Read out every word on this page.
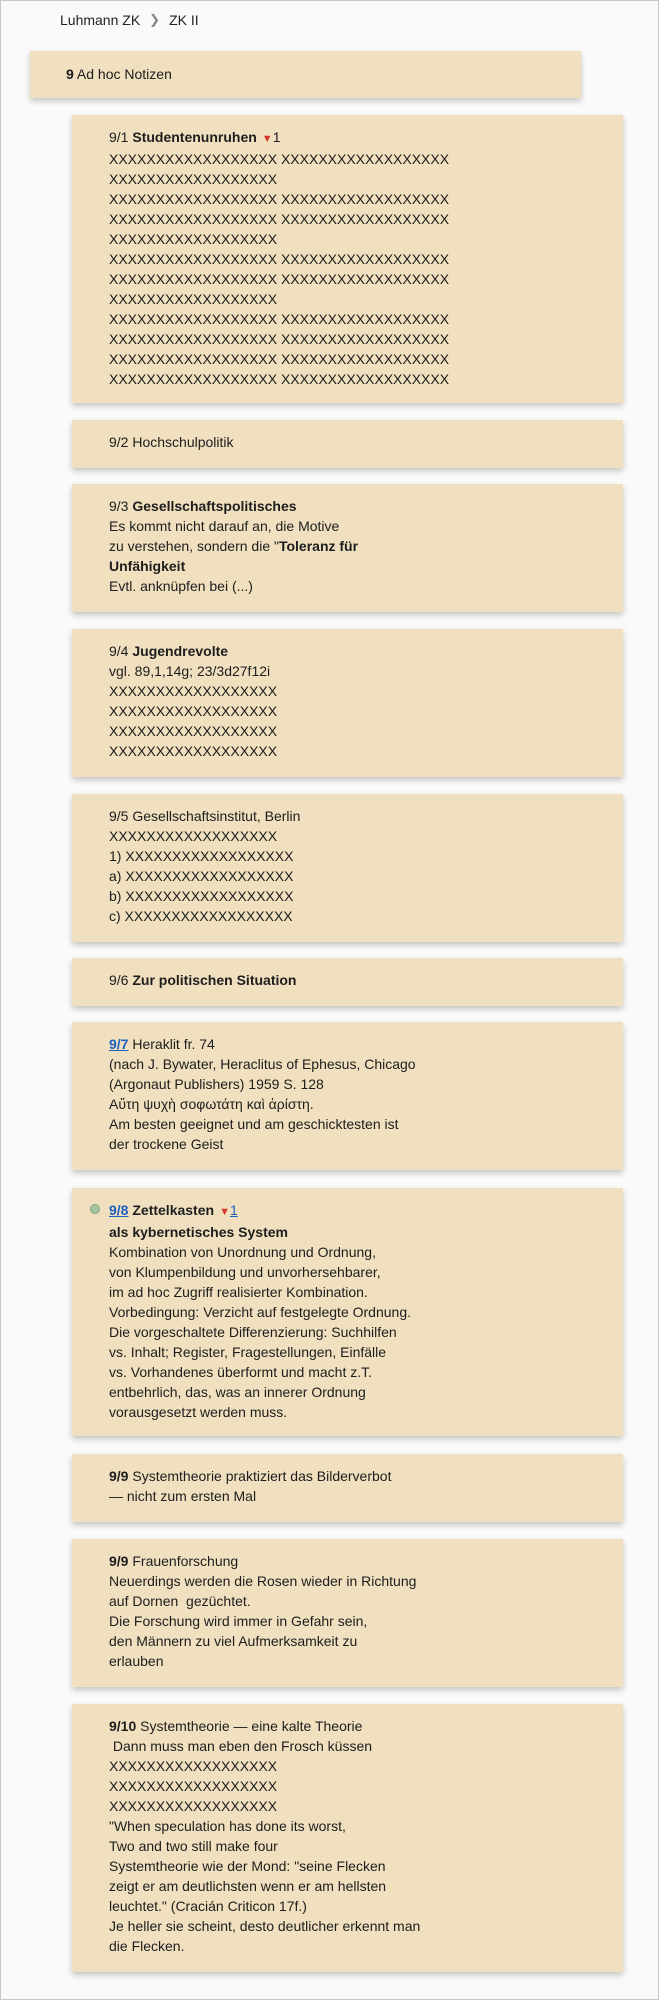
Luhmann ZK ❯ ZK II
9 Ad hoc Notizen
9/1 Studentenunruhen ▼1
XXXXXXXXXXXXXXXXXX XXXXXXXXXXXXXXXXXX
XXXXXXXXXXXXXXXXXX
XXXXXXXXXXXXXXXXXX XXXXXXXXXXXXXXXXXX
XXXXXXXXXXXXXXXXXX XXXXXXXXXXXXXXXXXX
XXXXXXXXXXXXXXXXXX
XXXXXXXXXXXXXXXXXX XXXXXXXXXXXXXXXXXX
XXXXXXXXXXXXXXXXXX XXXXXXXXXXXXXXXXXX
XXXXXXXXXXXXXXXXXX
XXXXXXXXXXXXXXXXXX XXXXXXXXXXXXXXXXXX
XXXXXXXXXXXXXXXXXX XXXXXXXXXXXXXXXXXX
XXXXXXXXXXXXXXXXXX XXXXXXXXXXXXXXXXXX
XXXXXXXXXXXXXXXXXX XXXXXXXXXXXXXXXXXX
9/2 Hochschulpolitik
9/3 Gesellschaftspolitisches
Es kommt nicht darauf an, die Motive
zu verstehen, sondern die "Toleranz für
Unfähigkeit
Evtl. anknüpfen bei (...)
9/4 Jugendrevolte
vgl. 89,1,14g; 23/3d27f12i
XXXXXXXXXXXXXXXXXX
XXXXXXXXXXXXXXXXXX
XXXXXXXXXXXXXXXXXX
XXXXXXXXXXXXXXXXXX
9/5 Gesellschaftsinstitut, Berlin
XXXXXXXXXXXXXXXXXX
1) XXXXXXXXXXXXXXXXXX
a) XXXXXXXXXXXXXXXXXX
b) XXXXXXXXXXXXXXXXXX
c) XXXXXXXXXXXXXXXXXX
9/6 Zur politischen Situation
9/7 Heraklit fr. 74
(nach J. Bywater, Heraclitus of Ephesus, Chicago
(Argonaut Publishers) 1959 S. 128
Αὔτη ψυχὴ σοφωτάτη καὶ ἀρίστη.
Am besten geeignet und am geschicktesten ist
der trockene Geist
9/8 Zettelkasten ▼1
als kybernetisches System
Kombination von Unordnung und Ordnung,
von Klumpenbildung und unvorhersehbarer,
im ad hoc Zugriff realisierter Kombination.
Vorbedingung: Verzicht auf festgelegte Ordnung.
Die vorgeschaltete Differenzierung: Suchhilfen
vs. Inhalt; Register, Fragestellungen, Einfälle
vs. Vorhandenes überformt und macht z.T.
entbehrlich, das, was an innerer Ordnung
vorausgesetzt werden muss.
9/9 Systemtheorie praktiziert das Bilderverbot
— nicht zum ersten Mal
9/9 Frauenforschung
Neuerdings werden die Rosen wieder in Richtung
auf Dornen  gezüchtet.
Die Forschung wird immer in Gefahr sein,
den Männern zu viel Aufmerksamkeit zu
erlauben
9/10 Systemtheorie — eine kalte Theorie
Dann muss man eben den Frosch küssen
XXXXXXXXXXXXXXXXXX
XXXXXXXXXXXXXXXXXX
XXXXXXXXXXXXXXXXXX
"When speculation has done its worst,
Two and two still make four
Systemtheorie wie der Mond: "seine Flecken
zeigt er am deutlichsten wenn er am hellsten
leuchtet." (Cracián Criticon 17f.)
Je heller sie scheint, desto deutlicher erkennt man
die Flecken.
